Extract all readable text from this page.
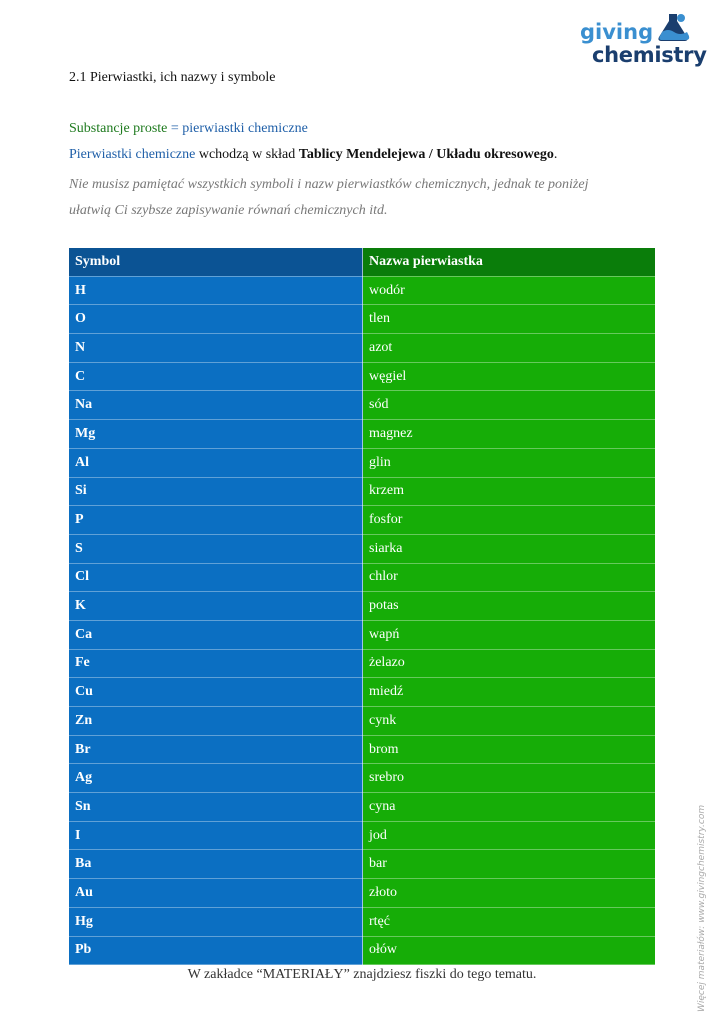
giving
chemistry
2.1 Pierwiastki, ich nazwy i symbole
Substancje proste = pierwiastki chemiczne
Pierwiastki chemiczne wchodzą w skład Tablicy Mendelejewa / Układu okresowego.
Nie musisz pamiętać wszystkich symboli i nazw pierwiastków chemicznych, jednak te poniżej ułatwią Ci szybsze zapisywanie równań chemicznych itd.
Symbol	Nazwa pierwiastka
H	wodór
O	tlen
N	azot
C	węgiel
Na	sód
Mg	magnez
Al	glin
Si	krzem
P	fosfor
S	siarka
Cl	chlor
K	potas
Ca	wapń
Fe	żelazo
Cu	miedź
Zn	cynk
Br	brom
Ag	srebro
Sn	cyna
I	jod
Ba	bar
Au	złoto
Hg	rtęć
Pb	ołów
W zakładce “MATERIAŁY” znajdziesz fiszki do tego tematu.	Więcej materiałów: www.givingchemistry.com
